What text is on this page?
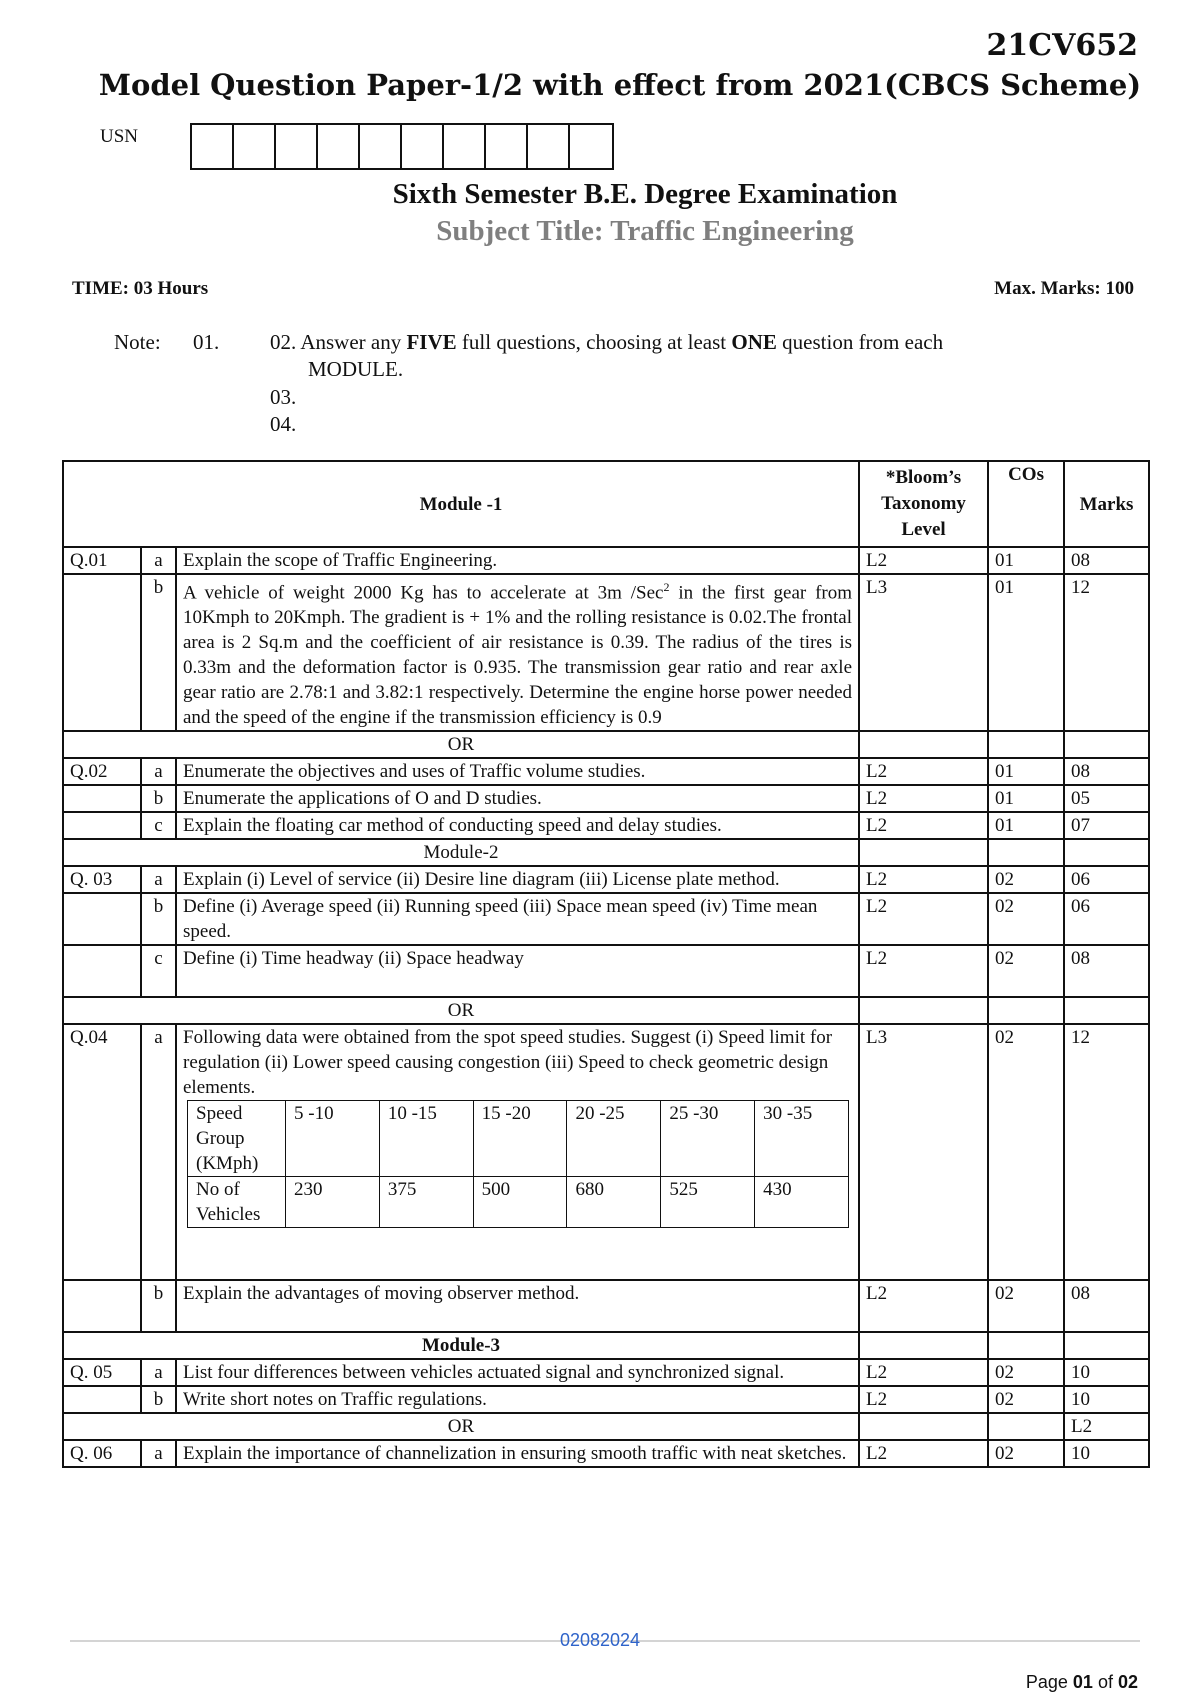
21CV652
Model Question Paper-1/2 with effect from 2021(CBCS Scheme)
USN
Sixth Semester B.E. Degree Examination
Subject Title: Traffic Engineering
TIME: 03 Hours	Max. Marks: 100
Note: 01. 02. Answer any FIVE full questions, choosing at least ONE question from each
MODULE.
03.
04.
Module -1	*Bloom’s Taxonomy Level	COs	Marks
Q.01	a	Explain the scope of Traffic Engineering.	L2	01	08
	b	A vehicle of weight 2000 Kg has to accelerate at 3m /Sec$^2$ in the first gear from 10Kmph to 20Kmph. The gradient is + 1% and the rolling resistance is 0.02.The frontal area is 2 Sq.m and the coefficient of air resistance is 0.39. The radius of the tires is 0.33m and the deformation factor is 0.935. The transmission gear ratio and rear axle gear ratio are 2.78:1 and 3.82:1 respectively. Determine the engine horse power needed and the speed of the engine if the transmission efficiency is 0.9	L3	01	12
OR			
Q.02	a	Enumerate the objectives and uses of Traffic volume studies.	L2	01	08
	b	Enumerate the applications of O and D studies.	L2	01	05
	c	Explain the floating car method of conducting speed and delay studies.	L2	01	07
Module-2			
Q. 03	a	Explain (i) Level of service (ii) Desire line diagram (iii) License plate method.	L2	02	06
	b	Define (i) Average speed (ii) Running speed (iii) Space mean speed (iv) Time mean speed.	L2	02	06
	c	Define (i) Time headway (ii) Space headway	L2	02	08
OR			
Q.04	a	Following data were obtained from the spot speed studies. Suggest (i) Speed limit for regulation (ii) Lower speed causing congestion (iii) Speed to check geometric design elements.
Speed Group (KMph)	5 -10	10 -15	15 -20	20 -25	25 -30	30 -35
No of Vehicles	230	375	500	680	525	430
	L3	02	12
	b	Explain the advantages of moving observer method.	L2	02	08
Module-3			
Q. 05	a	List four differences between vehicles actuated signal and synchronized signal.	L2	02	10
	b	Write short notes on Traffic regulations.	L2	02	10
OR			L2
Q. 06	a	Explain the importance of channelization in ensuring smooth traffic with neat sketches.	L2	02	10
02082024
Page 01 of 02
